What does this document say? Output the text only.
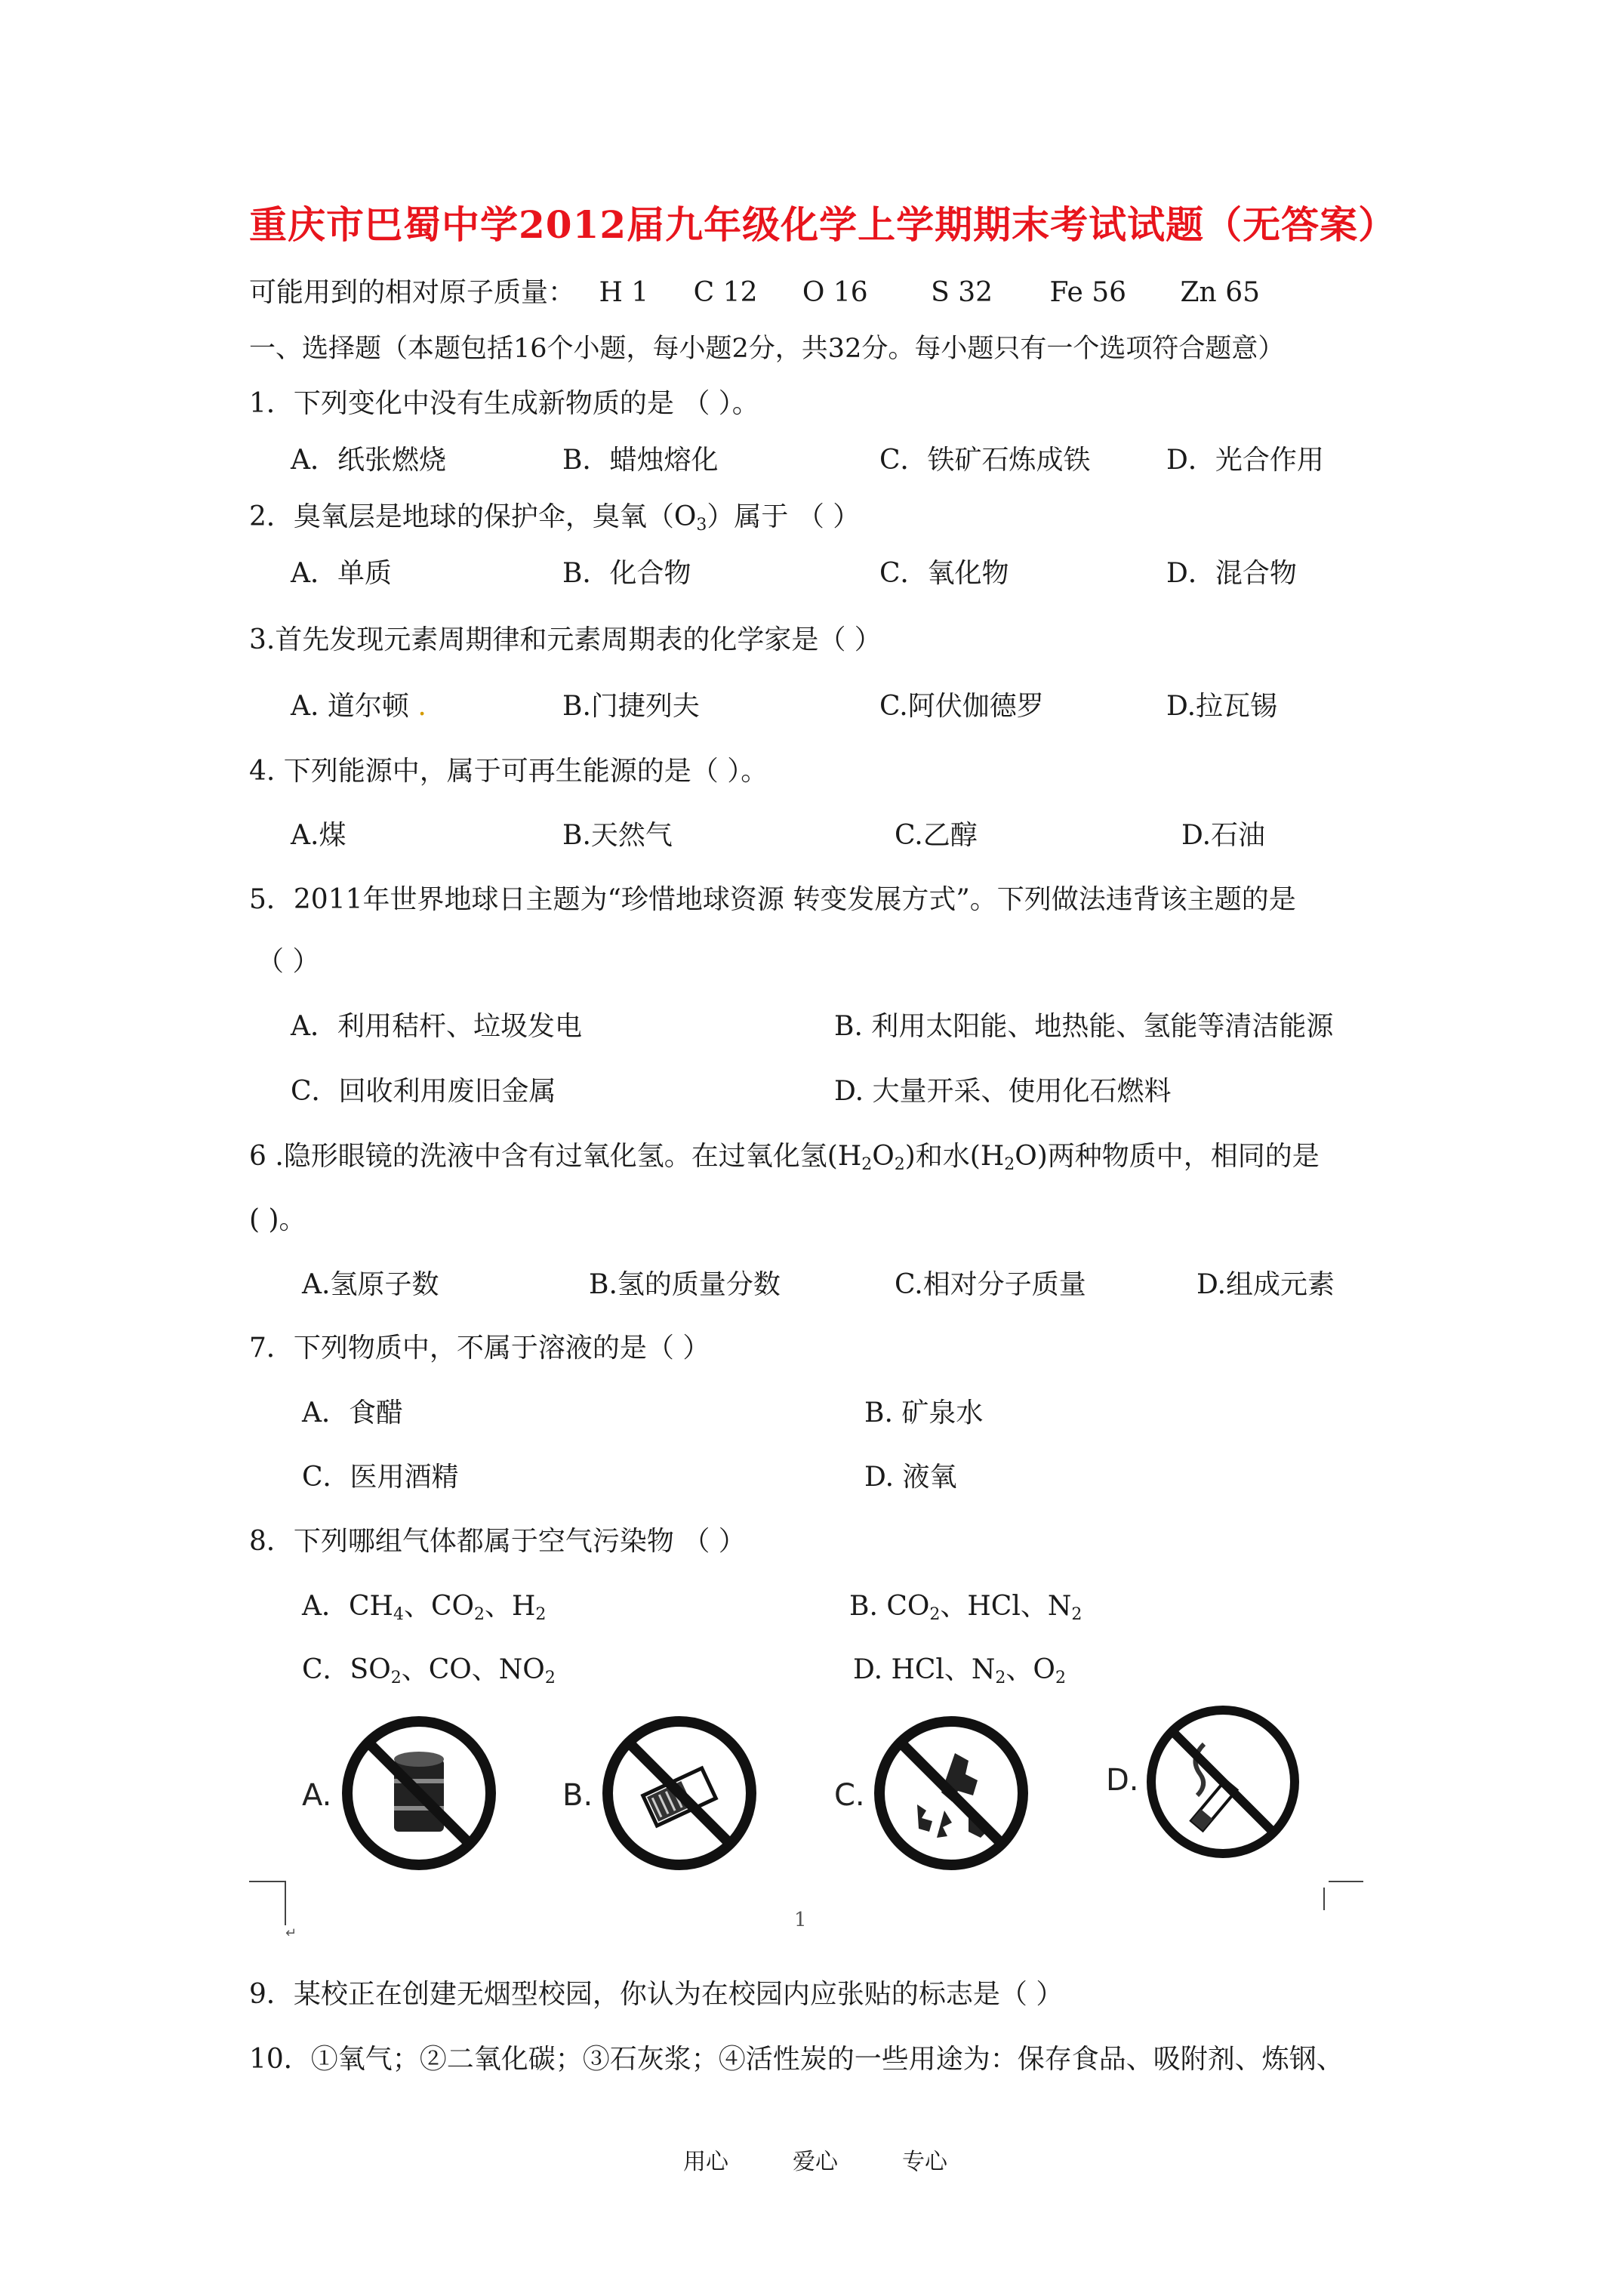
重庆市巴蜀中学2012届九年级化学上学期期末考试试题（无答案）
可能用到的相对原子质量： H 1 C 12 O 16 S 32 Fe 56 Zn 65
一、选择题（本题包括16个小题，每小题2分，共32分。每小题只有一个选项符合题意）
1．下列变化中没有生成新物质的是 （ ）。
A．纸张燃烧	B．蜡烛熔化	C．铁矿石炼成铁	D．光合作用
2．臭氧层是地球的保护伞，臭氧$(O_3)$属于 （ ）
A．单质	B．化合物	C．氧化物	D．混合物
3.首先发现元素周期律和元素周期表的化学家是（ ）
A. 道尔顿 .	B.门捷列夫	C.阿伏伽德罗	D.拉瓦锡
4. 下列能源中，属于可再生能源的是（ ）。
A.煤	B.天然气	C.乙醇	D.石油
5．2011年世界地球日主题为“珍惜地球资源 转变发展方式”。下列做法违背该主题的是
（ ）
A．利用秸杆、垃圾发电	B. 利用太阳能、地热能、氢能等清洁能源
C．回收利用废旧金属	D. 大量开采、使用化石燃料
6 .隐形眼镜的洗液中含有过氧化氢。在过氧化氢$(H_2O_2)$和水$(H_2O)$两种物质中，相同的是
( )。
A.氢原子数	B.氢的质量分数	C.相对分子质量	D.组成元素
7．下列物质中，不属于溶液的是（ ）
A．食醋	B. 矿泉水
C．医用酒精	D. 液氧
8．下列哪组气体都属于空气污染物 （ ）
A．$CH_4$、$CO_2$、$H_2$	B. $CO_2$、HCl、$N_2$
C．$SO_2$、CO、$NO_2$	D. HCl、$N_2$、$O_2$
A.	B.	C.	D.
↵
1
9．某校正在创建无烟型校园，你认为在校园内应张贴的标志是（ ）
10．①氧气；②二氧化碳；③石灰浆；④活性炭的一些用途为：保存食品、吸附剂、炼钢、
用心	爱心	专心
